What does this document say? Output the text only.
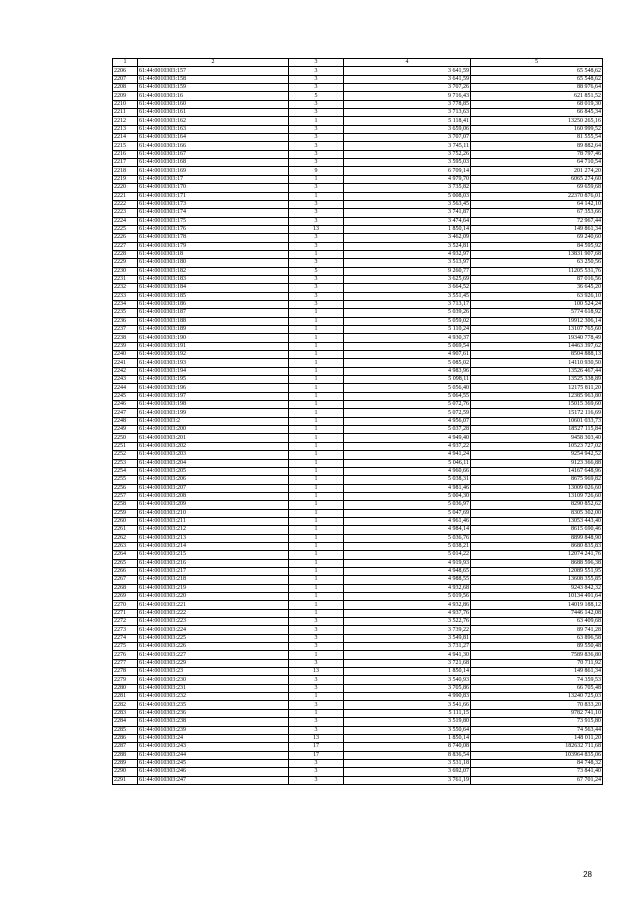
1	2	3	4	5
2206	61:44:0010303:157	3	3 641,59	65 548,62
2207	61:44:0010303:158	3	3 641,59	65 548,62
2208	61:44:0010303:159	3	3 707,26	88 976,64
2209	61:44:0010303:16	5	9 716,43	621 851,52
2210	61:44:0010303:160	3	3 778,85	68 019,30
2211	61:44:0010303:161	3	3 713,63	66 845,34
2212	61:44:0010303:162	1	5 118,41	13250 265,16
2213	61:44:0010303:163	3	3 659,06	160 999,52
2214	61:44:0010303:164	3	3 707,07	81 555,54
2215	61:44:0010303:166	3	3 745,11	89 882,64
2216	61:44:0010303:167	3	3 752,26	78 797,46
2217	61:44:0010303:168	3	3 595,03	64 710,54
2218	61:44:0010303:169	9	6 709,14	201 274,20
2219	61:44:0010303:17	1	4 979,70	6065 274,60
2220	61:44:0010303:170	3	3 735,82	69 659,68
2221	61:44:0010303:171	1	5 008,03	22370 876,01
2222	61:44:0010303:173	3	3 563,45	64 142,10
2223	61:44:0010303:174	3	3 741,87	67 353,66
2224	61:44:0010303:175	3	3 474,64	72 967,44
2225	61:44:0010303:176	13	1 850,14	149 861,34
2226	61:44:0010303:178	3	3 462,09	69 240,60
2227	61:44:0010303:179	3	3 524,81	84 595,92
2228	61:44:0010303:18	1	4 932,97	13831 907,68
2229	61:44:0010303:180	3	3 513,97	63 250,56
2230	61:44:0010303:182	5	9 260,77	11205 531,76
2231	61:44:0010303:183	3	3 625,69	87 016,56
2232	61:44:0010303:184	3	3 664,52	36 645,20
2233	61:44:0010303:185	3	3 551,45	63 926,10
2234	61:44:0010303:186	3	3 713,17	100 524,24
2235	61:44:0010303:187	1	5 039,26	5774 618,92
2236	61:44:0010303:188	1	5 059,02	19912 306,14
2237	61:44:0010303:189	1	5 110,24	13107 765,60
2238	61:44:0010303:190	1	4 930,37	19340 778,49
2239	61:44:0010303:191	1	5 069,54	14463 397,62
2240	61:44:0010303:192	1	4 907,61	8504 888,13
2241	61:44:0010303:193	1	5 085,02	14110 930,50
2242	61:44:0010303:194	1	4 983,96	13526 467,44
2243	61:44:0010303:195	1	5 098,11	13525 338,89
2244	61:44:0010303:196	1	5 056,40	12175 811,20
2245	61:44:0010303:197	1	5 064,55	12385 963,80
2246	61:44:0010303:198	1	5 072,76	15015 369,60
2247	61:44:0010303:199	1	5 072,59	15172 116,69
2248	61:44:0010303:2	1	4 956,07	10601 033,73
2249	61:44:0010303:200	1	5 037,28	18527 115,84
2250	61:44:0010303:201	1	4 949,40	9458 303,40
2251	61:44:0010303:202	1	4 937,22	10523 727,02
2252	61:44:0010303:203	1	4 941,24	9254 942,52
2253	61:44:0010303:204	1	5 046,11	9123 366,88
2254	61:44:0010303:205	1	4 960,66	14167 648,96
2255	61:44:0010303:206	1	5 038,31	8675 969,82
2256	61:44:0010303:207	1	4 981,46	13009 026,60
2257	61:44:0010303:208	1	5 004,30	13109 726,60
2258	61:44:0010303:209	1	5 036,97	8290 852,62
2259	61:44:0010303:210	1	5 047,69	8305 302,00
2260	61:44:0010303:211	1	4 961,46	13053 443,40
2261	61:44:0010303:212	1	4 984,14	8615 690,46
2262	61:44:0010303:213	1	5 036,76	8899 848,90
2263	61:44:0010303:214	1	5 038,21	8680 835,83
2264	61:44:0010303:215	1	5 014,22	12074 241,76
2265	61:44:0010303:216	1	4 919,93	8688 596,38
2266	61:44:0010303:217	1	4 948,65	12089 551,95
2267	61:44:0010303:218	1	4 988,55	13608 355,85
2268	61:44:0010303:219	1	4 932,68	9243 842,32
2269	61:44:0010303:220	1	5 019,56	10134 491,64
2270	61:44:0010303:221	1	4 932,86	14019 188,12
2271	61:44:0010303:222	1	4 937,76	7446 142,08
2272	61:44:0010303:223	3	3 522,76	63 409,68
2273	61:44:0010303:224	3	3 739,22	89 741,28
2274	61:44:0010303:225	3	3 549,81	63 896,58
2275	61:44:0010303:226	3	3 731,27	89 550,48
2276	61:44:0010303:227	1	4 941,30	7589 836,80
2277	61:44:0010303:229	3	3 721,68	70 711,92
2278	61:44:0010303:23	13	1 850,14	149 861,34
2279	61:44:0010303:230	3	3 540,93	74 359,53
2280	61:44:0010303:231	3	3 705,86	66 705,48
2281	61:44:0010303:232	1	4 990,83	13240 725,03
2282	61:44:0010303:235	3	3 541,66	70 833,20
2283	61:44:0010303:236	1	5 111,15	9782 741,10
2284	61:44:0010303:238	3	3 519,80	73 915,80
2285	61:44:0010303:239	3	3 550,64	74 563,44
2286	61:44:0010303:24	13	1 850,14	148 011,20
2287	61:44:0010303:243	17	8 740,08	182632 711,68
2288	61:44:0010303:244	17	8 836,54	103964 835,06
2289	61:44:0010303:245	3	3 531,18	84 748,32
2290	61:44:0010303:246	3	3 692,07	73 841,40
2291	61:44:0010303:247	3	3 761,19	67 701,24
28
